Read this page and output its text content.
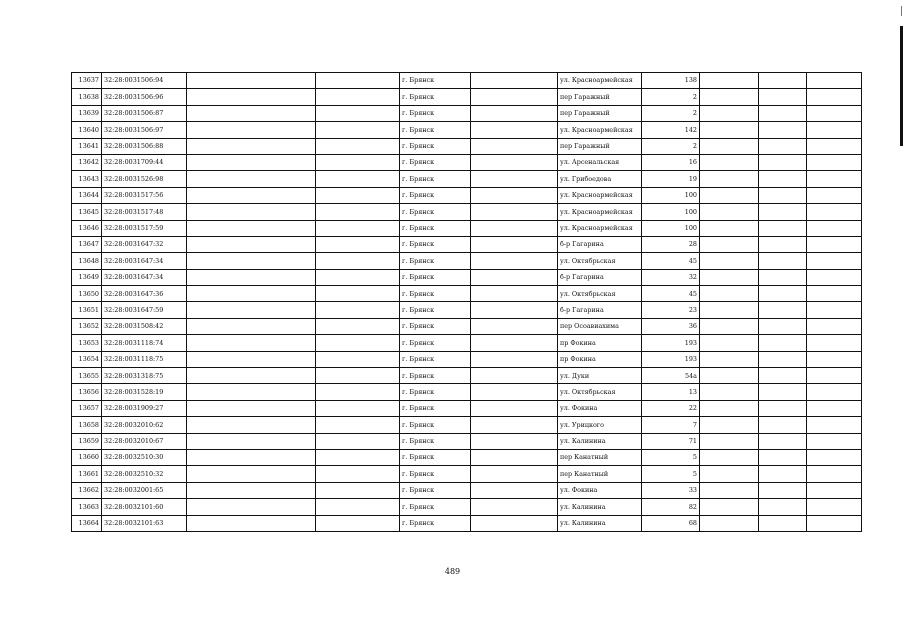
13637	32:28:0031506:94			г. Брянск		ул. Красноармейская	138			
13638	32:28:0031506:96			г. Брянск		пер Гаражный	2			
13639	32:28:0031506:87			г. Брянск		пер Гаражный	2			
13640	32:28:0031506:97			г. Брянск		ул. Красноармейская	142			
13641	32:28:0031506:88			г. Брянск		пер Гаражный	2			
13642	32:28:0031709:44			г. Брянск		ул. Арсенальская	16			
13643	32:28:0031526:98			г. Брянск		ул. Грибоедова	19			
13644	32:28:0031517:56			г. Брянск		ул. Красноармейская	100			
13645	32:28:0031517:48			г. Брянск		ул. Красноармейская	100			
13646	32:28:0031517:59			г. Брянск		ул. Красноармейская	100			
13647	32:28:0031647:32			г. Брянск		б-р Гагарина	28			
13648	32:28:0031647:34			г. Брянск		ул. Октябрьская	45			
13649	32:28:0031647:34			г. Брянск		б-р Гагарина	32			
13650	32:28:0031647:36			г. Брянск		ул. Октябрьская	45			
13651	32:28:0031647:59			г. Брянск		б-р Гагарина	23			
13652	32:28:0031508:42			г. Брянск		пер Осоавиахима	36			
13653	32:28:0031118:74			г. Брянск		пр Фокина	193			
13654	32:28:0031118:75			г. Брянск		пр Фокина	193			
13655	32:28:0031318:75			г. Брянск		ул. Дуки	54а			
13656	32:28:0031528:19			г. Брянск		ул. Октябрьская	13			
13657	32:28:0031909:27			г. Брянск		ул. Фокина	22			
13658	32:28:0032010:62			г. Брянск		ул. Урицкого	7			
13659	32:28:0032010:67			г. Брянск		ул. Калинина	71			
13660	32:28:0032510:30			г. Брянск		пер Канатный	5			
13661	32:28:0032510:32			г. Брянск		пер Канатный	5			
13662	32:28:0032001:65			г. Брянск		ул. Фокина	33			
13663	32:28:0032101:60			г. Брянск		ул. Калинина	82			
13664	32:28:0032101:63			г. Брянск		ул. Калинина	68			
489
